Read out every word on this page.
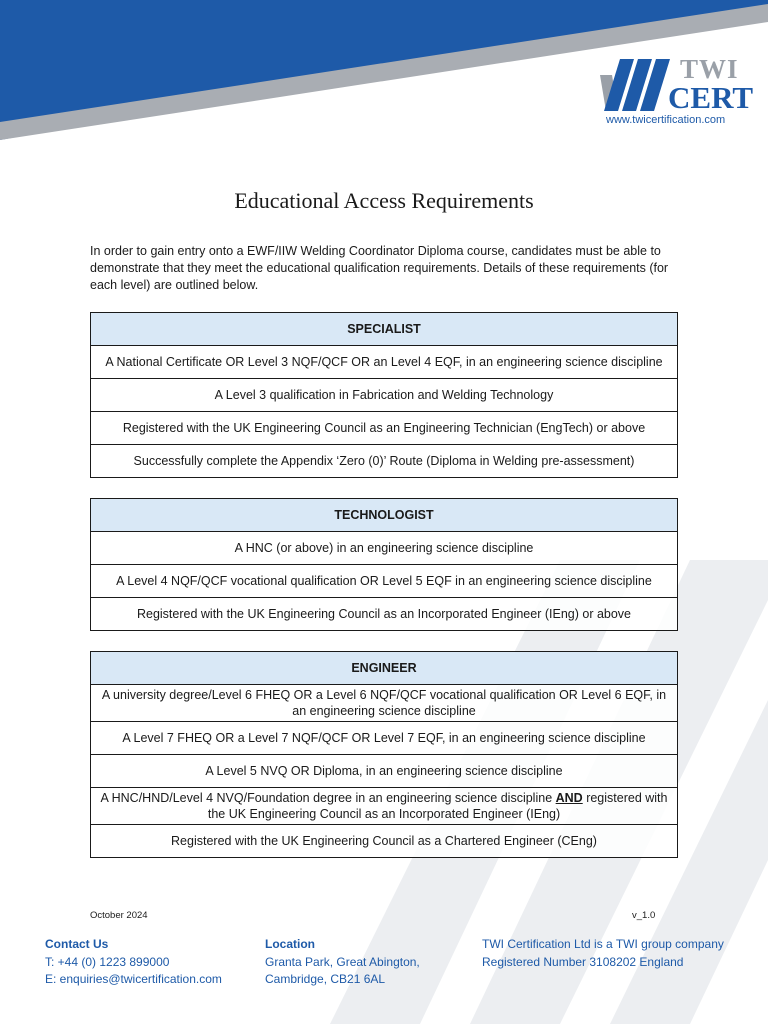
TWI
CERT
www.twicertification.com
Educational Access Requirements
In order to gain entry onto a EWF/IIW Welding Coordinator Diploma course, candidates must be able to demonstrate that they meet the educational qualification requirements. Details of these requirements (for each level) are outlined below.
SPECIALIST
A National Certificate OR Level 3 NQF/QCF OR an Level 4 EQF, in an engineering science discipline
A Level 3 qualification in Fabrication and Welding Technology
Registered with the UK Engineering Council as an Engineering Technician (EngTech) or above
Successfully complete the Appendix ‘Zero (0)’ Route (Diploma in Welding pre-assessment)
TECHNOLOGIST
A HNC (or above) in an engineering science discipline
A Level 4 NQF/QCF vocational qualification OR Level 5 EQF in an engineering science discipline
Registered with the UK Engineering Council as an Incorporated Engineer (IEng) or above
ENGINEER
A university degree/Level 6 FHEQ OR a Level 6 NQF/QCF vocational qualification OR Level 6 EQF, in an engineering science discipline
A Level 7 FHEQ OR a Level 7 NQF/QCF OR Level 7 EQF, in an engineering science discipline
A Level 5 NVQ OR Diploma, in an engineering science discipline
A HNC/HND/Level 4 NVQ/Foundation degree in an engineering science discipline AND registered with the UK Engineering Council as an Incorporated Engineer (IEng)
Registered with the UK Engineering Council as a Chartered Engineer (CEng)
October 2024	v_1.0
Contact Us
T: +44 (0) 1223 899000
E: enquiries@twicertification.com
Location
Granta Park, Great Abington,
Cambridge, CB21 6AL
TWI Certification Ltd is a TWI group company
Registered Number 3108202 England
